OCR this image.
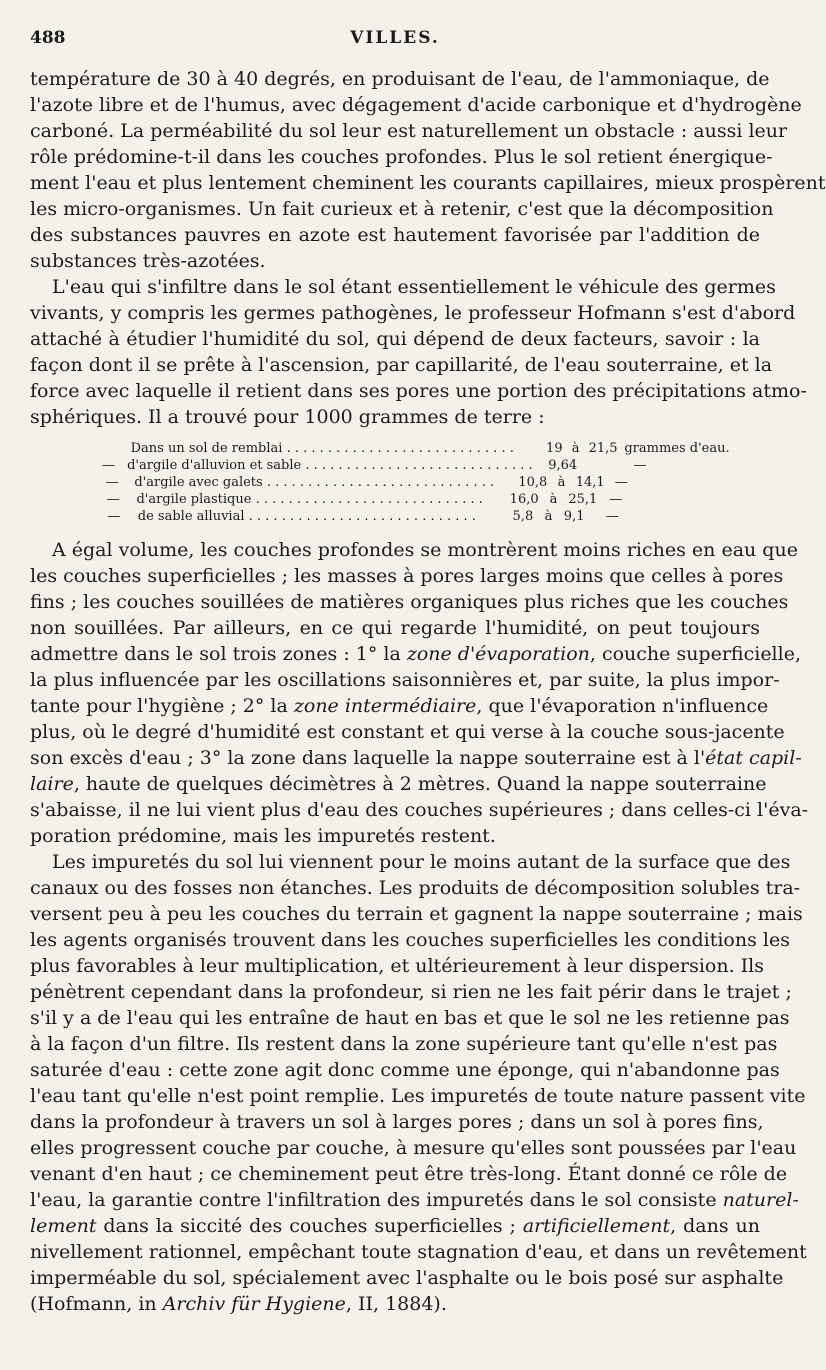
488	VILLES.
température de 30 à 40 degrés, en produisant de l'eau, de l'ammoniaque, de
l'azote libre et de l'humus, avec dégagement d'acide carbonique et d'hydrogène
carboné. La perméabilité du sol leur est naturellement un obstacle : aussi leur
rôle prédomine-t-il dans les couches profondes. Plus le sol retient énergique-
ment l'eau et plus lentement cheminent les courants capillaires, mieux prospèrent
les micro-organismes. Un fait curieux et à retenir, c'est que la décomposition
des substances pauvres en azote est hautement favorisée par l'addition de
substances très-azotées.
L'eau qui s'infiltre dans le sol étant essentiellement le véhicule des germes
vivants, y compris les germes pathogènes, le professeur Hofmann s'est d'abord
attaché à étudier l'humidité du sol, qui dépend de deux facteurs, savoir : la
façon dont il se prête à l'ascension, par capillarité, de l'eau souterraine, et la
force avec laquelle il retient dans ses pores une portion des précipitations atmo-
sphériques. Il a trouvé pour 1000 grammes de terre :
Dans un sol de remblai . . . . . . . . . . . . . . . . . . . . . . . . . . . .	19 à 21,5 grammes d'eau.
— d'argile d'alluvion et sable . . . . . . . . . . . . . . . . . . . . . . . . . . . .	9,64	—
—	d'argile avec galets . . . . . . . . . . . . . . . . . . . . . . . . . . . .	10,8 à 14,1 —
—	d'argile plastique . . . . . . . . . . . . . . . . . . . . . . . . . . . .	16,0 à 25,1 —
—	de sable alluvial . . . . . . . . . . . . . . . . . . . . . . . . . . . .	5,8 à 9,1	—
A égal volume, les couches profondes se montrèrent moins riches en eau que
les couches superficielles ; les masses à pores larges moins que celles à pores
fins ; les couches souillées de matières organiques plus riches que les couches
non souillées. Par ailleurs, en ce qui regarde l'humidité, on peut toujours
admettre dans le sol trois zones : 1° la zone d'évaporation, couche superficielle,
la plus influencée par les oscillations saisonnières et, par suite, la plus impor-
tante pour l'hygiène ; 2° la zone intermédiaire, que l'évaporation n'influence
plus, où le degré d'humidité est constant et qui verse à la couche sous-jacente
son excès d'eau ; 3° la zone dans laquelle la nappe souterraine est à l'état capil-
laire, haute de quelques décimètres à 2 mètres. Quand la nappe souterraine
s'abaisse, il ne lui vient plus d'eau des couches supérieures ; dans celles-ci l'éva-
poration prédomine, mais les impuretés restent.
Les impuretés du sol lui viennent pour le moins autant de la surface que des
canaux ou des fosses non étanches. Les produits de décomposition solubles tra-
versent peu à peu les couches du terrain et gagnent la nappe souterraine ; mais
les agents organisés trouvent dans les couches superficielles les conditions les
plus favorables à leur multiplication, et ultérieurement à leur dispersion. Ils
pénètrent cependant dans la profondeur, si rien ne les fait périr dans le trajet ;
s'il y a de l'eau qui les entraîne de haut en bas et que le sol ne les retienne pas
à la façon d'un filtre. Ils restent dans la zone supérieure tant qu'elle n'est pas
saturée d'eau : cette zone agit donc comme une éponge, qui n'abandonne pas
l'eau tant qu'elle n'est point remplie. Les impuretés de toute nature passent vite
dans la profondeur à travers un sol à larges pores ; dans un sol à pores fins,
elles progressent couche par couche, à mesure qu'elles sont poussées par l'eau
venant d'en haut ; ce cheminement peut être très-long. Étant donné ce rôle de
l'eau, la garantie contre l'infiltration des impuretés dans le sol consiste naturel-
lement dans la siccité des couches superficielles ; artificiellement, dans un
nivellement rationnel, empêchant toute stagnation d'eau, et dans un revêtement
imperméable du sol, spécialement avec l'asphalte ou le bois posé sur asphalte
(Hofmann, in Archiv für Hygiene, II, 1884).
